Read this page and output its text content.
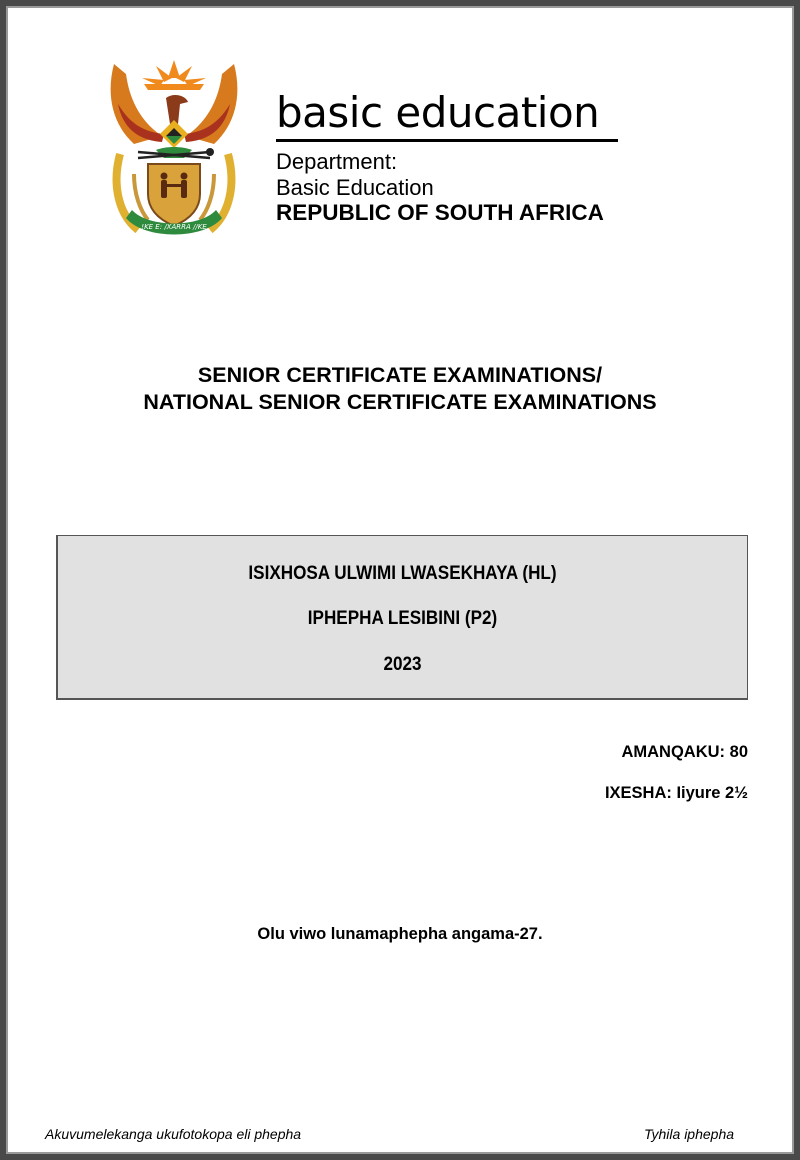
!KE E: /XARRA //KE
basic education
Department:
Basic Education
REPUBLIC OF SOUTH AFRICA
SENIOR CERTIFICATE EXAMINATIONS/
NATIONAL SENIOR CERTIFICATE EXAMINATIONS
ISIXHOSA ULWIMI LWASEKHAYA (HL)
IPHEPHA LESIBINI (P2)
2023
AMANQAKU: 80
IXESHA: Iiyure 2½
Olu viwo lunamaphepha angama-27.
Akuvumelekanga ukufotokopa eli phepha	Tyhila iphepha
